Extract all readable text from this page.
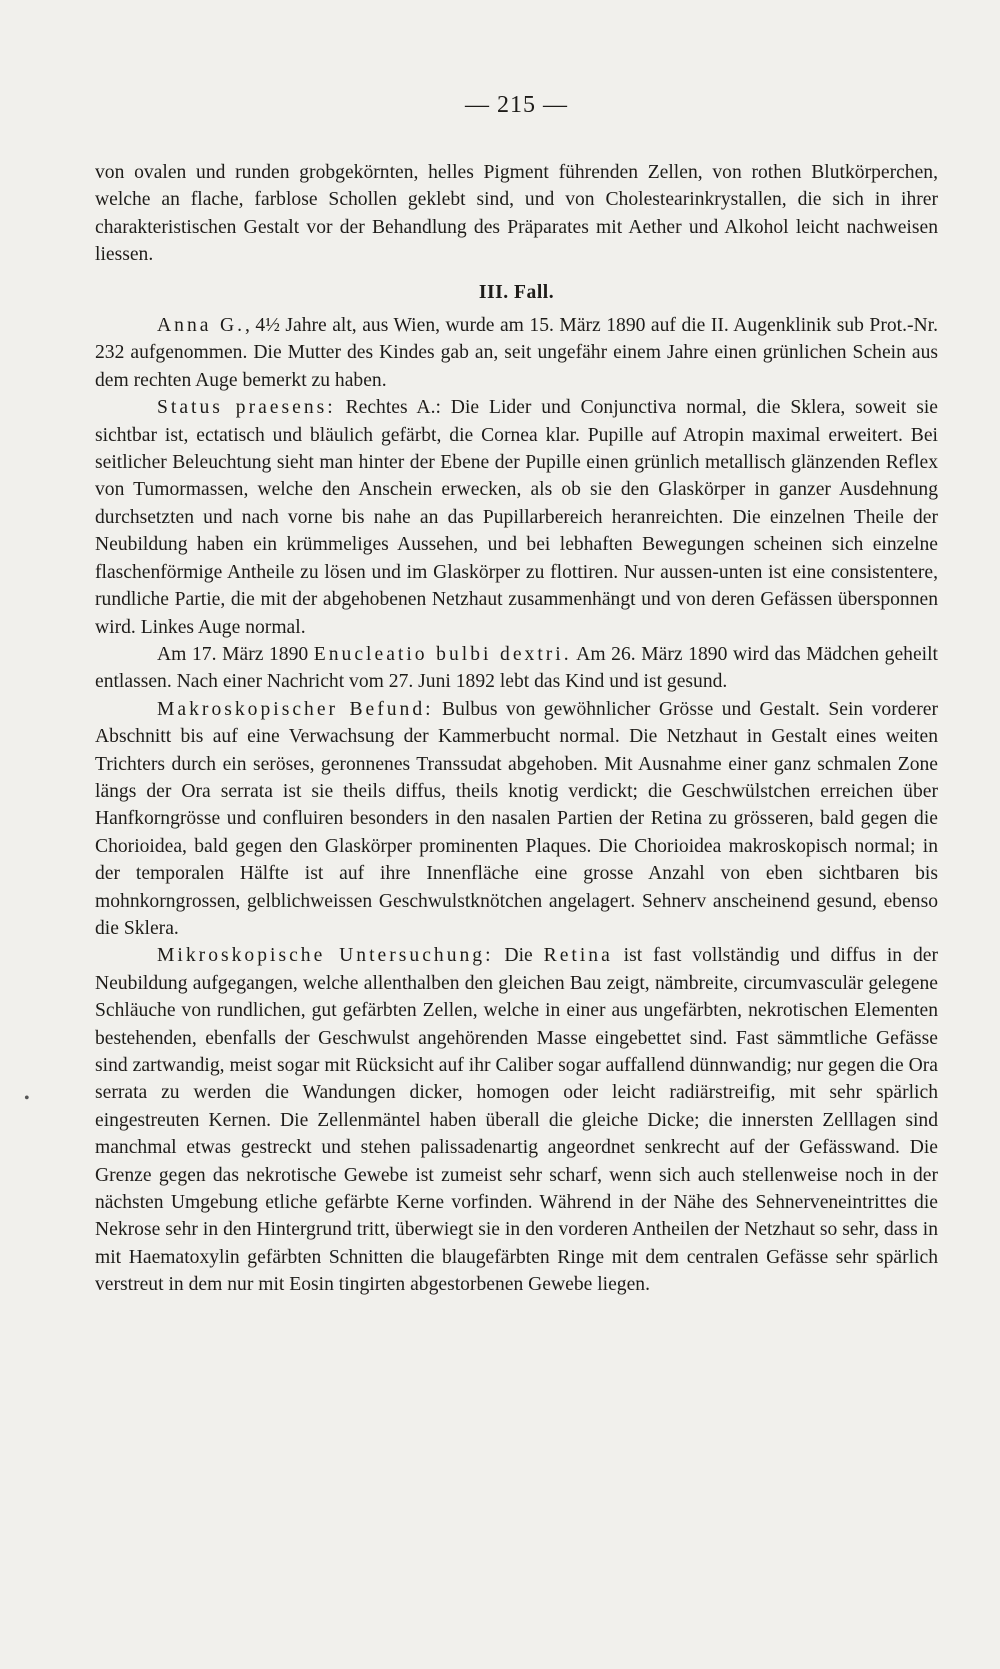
— 215 —

von ovalen und runden grobgekörnten, helles Pigment führenden Zellen, von rothen Blutkörperchen, welche an flache, farblose Schollen geklebt sind, und von Cholestearinkrystallen, die sich in ihrer charakteristischen Gestalt vor der Behandlung des Präparates mit Aether und Alkohol leicht nachweisen liessen.

III. Fall.

Anna G., 4½ Jahre alt, aus Wien, wurde am 15. März 1890 auf die II. Augenklinik sub Prot.-Nr. 232 aufgenommen. Die Mutter des Kindes gab an, seit ungefähr einem Jahre einen grünlichen Schein aus dem rechten Auge bemerkt zu haben.

Status praesens: Rechtes A.: Die Lider und Conjunctiva normal, die Sklera, soweit sie sichtbar ist, ectatisch und bläulich gefärbt, die Cornea klar. Pupille auf Atropin maximal erweitert. Bei seitlicher Beleuchtung sieht man hinter der Ebene der Pupille einen grünlich metallisch glänzenden Reflex von Tumormassen, welche den Anschein erwecken, als ob sie den Glaskörper in ganzer Ausdehnung durchsetzten und nach vorne bis nahe an das Pupillarbereich heranreichten. Die einzelnen Theile der Neubildung haben ein krümmeliges Aussehen, und bei lebhaften Bewegungen scheinen sich einzelne flaschenförmige Antheile zu lösen und im Glaskörper zu flottiren. Nur aussen-unten ist eine consistentere, rundliche Partie, die mit der abgehobenen Netzhaut zusammenhängt und von deren Gefässen übersponnen wird. Linkes Auge normal.

Am 17. März 1890 Enucleatio bulbi dextri. Am 26. März 1890 wird das Mädchen geheilt entlassen. Nach einer Nachricht vom 27. Juni 1892 lebt das Kind und ist gesund.

Makroskopischer Befund: Bulbus von gewöhnlicher Grösse und Gestalt. Sein vorderer Abschnitt bis auf eine Verwachsung der Kammerbucht normal. Die Netzhaut in Gestalt eines weiten Trichters durch ein seröses, geronnenes Transsudat abgehoben. Mit Ausnahme einer ganz schmalen Zone längs der Ora serrata ist sie theils diffus, theils knotig verdickt; die Geschwülstchen erreichen über Hanfkorngrösse und confluiren besonders in den nasalen Partien der Retina zu grösseren, bald gegen die Chorioidea, bald gegen den Glaskörper prominenten Plaques. Die Chorioidea makroskopisch normal; in der temporalen Hälfte ist auf ihre Innenfläche eine grosse Anzahl von eben sichtbaren bis mohnkorngrossen, gelblichweissen Geschwulstknötchen angelagert. Sehnerv anscheinend gesund, ebenso die Sklera.

Mikroskopische Untersuchung: Die Retina ist fast vollständig und diffus in der Neubildung aufgegangen, welche allenthalben den gleichen Bau zeigt, nämbreite, circumvasculär gelegene Schläuche von rundlichen, gut gefärbten Zellen, welche in einer aus ungefärbten, nekrotischen Elementen bestehenden, ebenfalls der Geschwulst angehörenden Masse eingebettet sind. Fast sämmtliche Gefässe sind zartwandig, meist sogar mit Rücksicht auf ihr Caliber sogar auffallend dünnwandig; nur gegen die Ora serrata zu werden die Wandungen dicker, homogen oder leicht radiärstreifig, mit sehr spärlich eingestreuten Kernen. Die Zellenmäntel haben überall die gleiche Dicke; die innersten Zelllagen sind manchmal etwas gestreckt und stehen palissadenartig angeordnet senkrecht auf der Gefässwand. Die Grenze gegen das nekrotische Gewebe ist zumeist sehr scharf, wenn sich auch stellenweise noch in der nächsten Umgebung etliche gefärbte Kerne vorfinden. Während in der Nähe des Sehnerveneintrittes die Nekrose sehr in den Hintergrund tritt, überwiegt sie in den vorderen Antheilen der Netzhaut so sehr, dass in mit Haematoxylin gefärbten Schnitten die blaugefärbten Ringe mit dem centralen Gefässe sehr spärlich verstreut in dem nur mit Eosin tingirten abgestorbenen Gewebe liegen.

•
